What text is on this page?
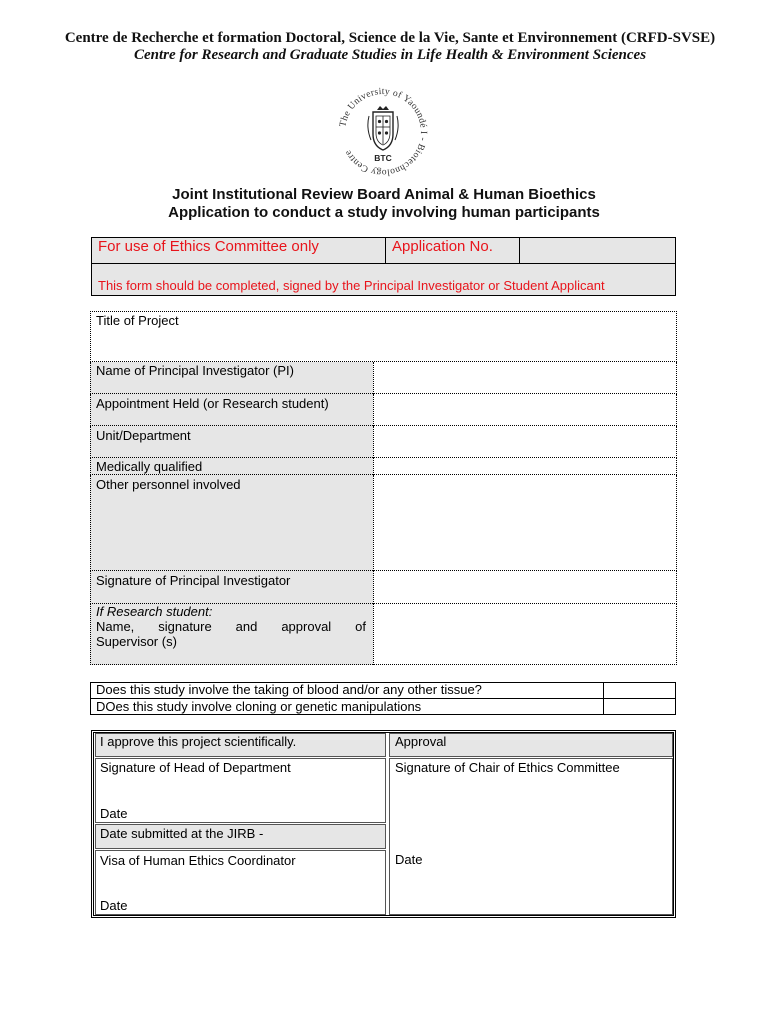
Centre de Recherche et formation Doctoral, Science de la Vie, Sante et Environnement (CRFD-SVSE)
Centre for Research and Graduate Studies in Life Health & Environment Sciences
The University of Yaoundé I - Biotechnology Centre
BTC
Joint Institutional Review Board Animal & Human Bioethics
Application to conduct a study involving human participants
For use of Ethics Committee only	Application No.
This form should be completed, signed by the Principal Investigator or Student Applicant
Title of Project
Name of Principal Investigator (PI)
Appointment Held (or Research student)
Unit/Department
Medically qualified
Other personnel involved
Signature of Principal Investigator
If Research student:
Name, signature and approval of
Supervisor (s)
Does this study involve the taking of blood and/or any other tissue?
DOes this study involve cloning or genetic manipulations
I approve this project scientifically.	Approval
Signature of Head of Department
Date
Signature of Chair of Ethics Committee
Date
Date submitted at the JIRB -
Visa of Human Ethics Coordinator
Date
